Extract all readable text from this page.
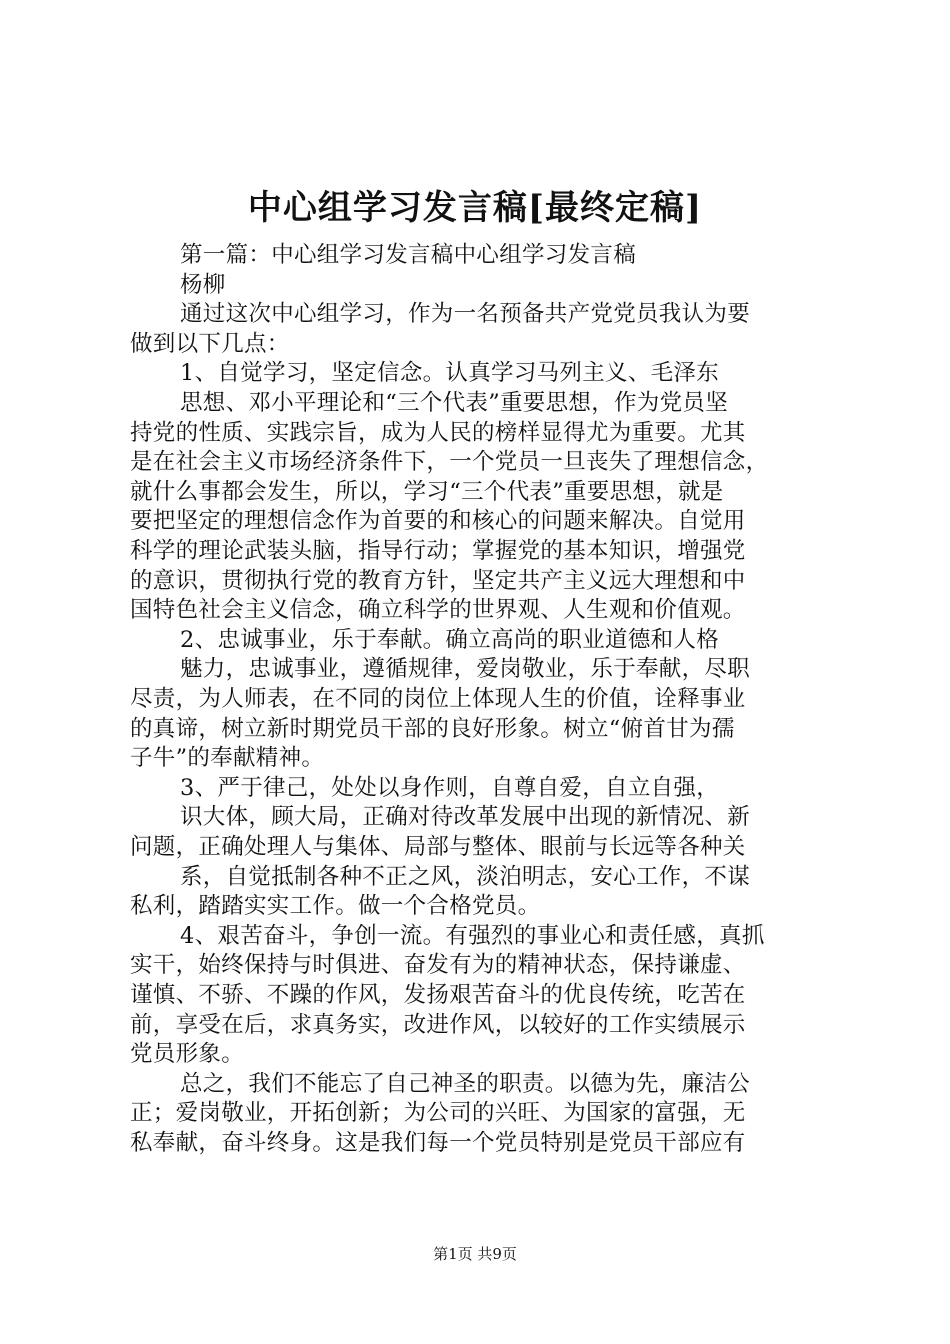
中心组学习发言稿[最终定稿]
第一篇：中心组学习发言稿中心组学习发言稿
杨柳
通过这次中心组学习，作为一名预备共产党党员我认为要
做到以下几点：
1、自觉学习，坚定信念。认真学习马列主义、毛泽东
思想、邓小平理论和“三个代表”重要思想，作为党员坚
持党的性质、实践宗旨，成为人民的榜样显得尤为重要。尤其
是在社会主义市场经济条件下，一个党员一旦丧失了理想信念，
就什么事都会发生，所以，学习“三个代表”重要思想，就是
要把坚定的理想信念作为首要的和核心的问题来解决。自觉用
科学的理论武装头脑，指导行动；掌握党的基本知识，增强党
的意识，贯彻执行党的教育方针，坚定共产主义远大理想和中
国特色社会主义信念，确立科学的世界观、人生观和价值观。
2、忠诚事业，乐于奉献。确立高尚的职业道德和人格
魅力，忠诚事业，遵循规律，爱岗敬业，乐于奉献，尽职
尽责，为人师表，在不同的岗位上体现人生的价值，诠释事业
的真谛，树立新时期党员干部的良好形象。树立“俯首甘为孺
子牛”的奉献精神。
3、严于律己，处处以身作则，自尊自爱，自立自强，
识大体，顾大局，正确对待改革发展中出现的新情况、新
问题，正确处理人与集体、局部与整体、眼前与长远等各种关
系，自觉抵制各种不正之风，淡泊明志，安心工作，不谋
私利，踏踏实实工作。做一个合格党员。
4、艰苦奋斗，争创一流。有强烈的事业心和责任感，真抓
实干，始终保持与时俱进、奋发有为的精神状态，保持谦虚、
谨慎、不骄、不躁的作风，发扬艰苦奋斗的优良传统，吃苦在
前，享受在后，求真务实，改进作风，以较好的工作实绩展示
党员形象。
总之，我们不能忘了自己神圣的职责。以德为先，廉洁公
正；爱岗敬业，开拓创新；为公司的兴旺、为国家的富强，无
私奉献，奋斗终身。这是我们每一个党员特别是党员干部应有
第1页 共9页
